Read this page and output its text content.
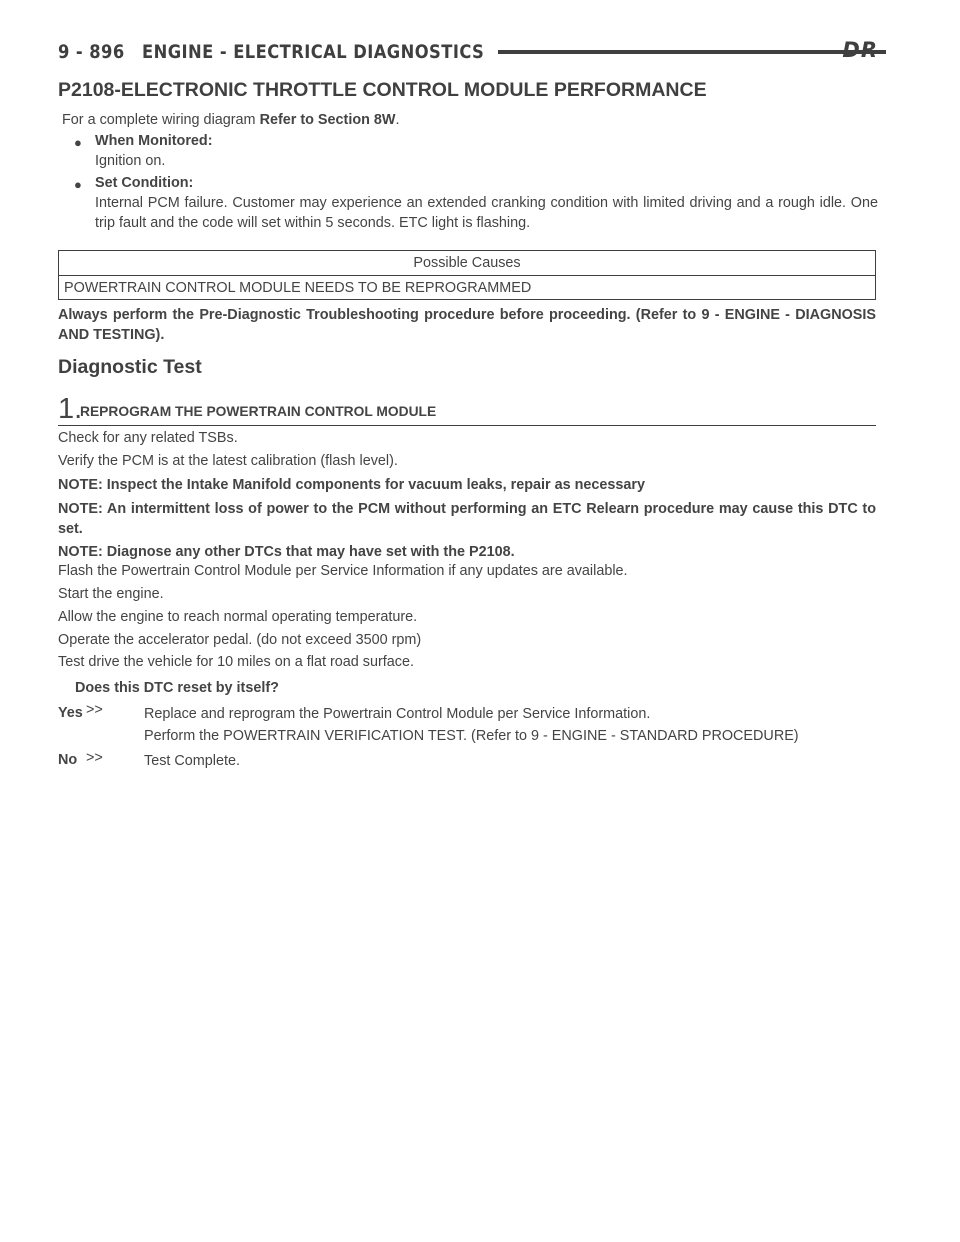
9 - 896 ENGINE - ELECTRICAL DIAGNOSTICS	DR
P2108-ELECTRONIC THROTTLE CONTROL MODULE PERFORMANCE
For a complete wiring diagram Refer to Section 8W.
● When Monitored:
Ignition on.
● Set Condition:
Internal PCM failure. Customer may experience an extended cranking condition with limited driving and a rough idle. One trip fault and the code will set within 5 seconds. ETC light is flashing.
Possible Causes
POWERTRAIN CONTROL MODULE NEEDS TO BE REPROGRAMMED
Always perform the Pre-Diagnostic Troubleshooting procedure before proceeding. (Refer to 9 - ENGINE - DIAGNOSIS AND TESTING).
Diagnostic Test
1.
REPROGRAM THE POWERTRAIN CONTROL MODULE
Check for any related TSBs.
Verify the PCM is at the latest calibration (flash level).
NOTE: Inspect the Intake Manifold components for vacuum leaks, repair as necessary
NOTE: An intermittent loss of power to the PCM without performing an ETC Relearn procedure may cause this DTC to set.
NOTE: Diagnose any other DTCs that may have set with the P2108.
Flash the Powertrain Control Module per Service Information if any updates are available.
Start the engine.
Allow the engine to reach normal operating temperature.
Operate the accelerator pedal. (do not exceed 3500 rpm)
Test drive the vehicle for 10 miles on a flat road surface.
Does this DTC reset by itself?
Yes >>	Replace and reprogram the Powertrain Control Module per Service Information.
Perform the POWERTRAIN VERIFICATION TEST. (Refer to 9 - ENGINE - STANDARD PROCEDURE)
No >>	Test Complete.
